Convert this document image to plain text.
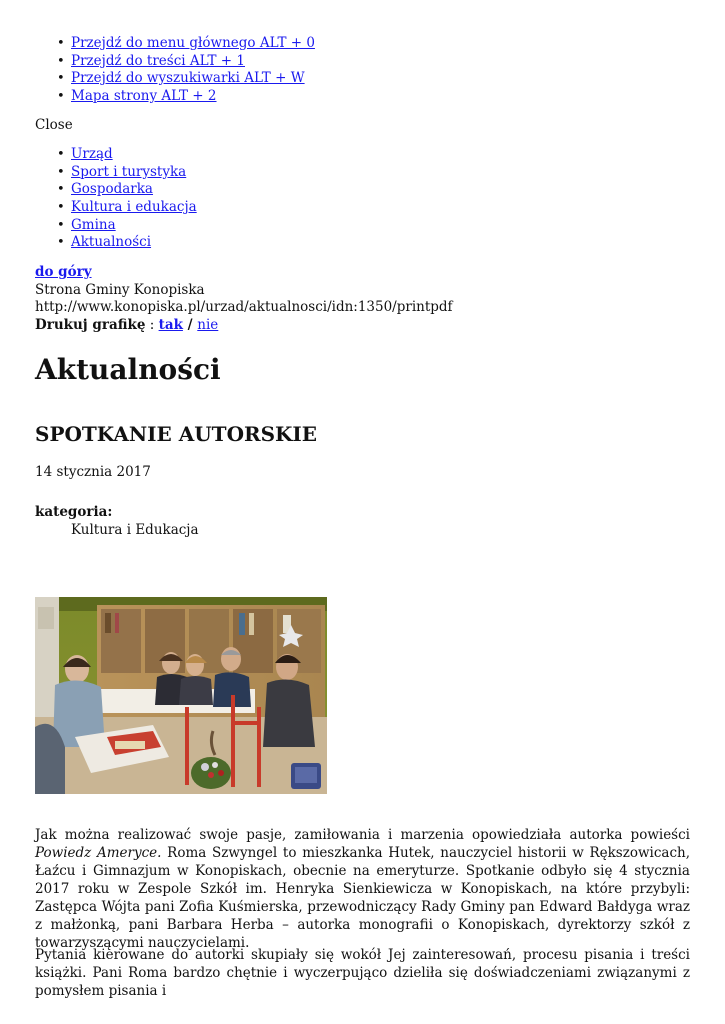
• Przejdź do menu głównego ALT + 0
• Przejdź do treści ALT + 1
• Przejdź do wyszukiwarki ALT + W
• Mapa strony ALT + 2
Close
• Urząd
• Sport i turystyka
• Gospodarka
• Kultura i edukacja
• Gmina
• Aktualności
do góry
Strona Gminy Konopiska
http://www.konopiska.pl/urzad/aktualnosci/idn:1350/printpdf
Drukuj grafikę : tak / nie
Aktualności
SPOTKANIE AUTORSKIE
14 stycznia 2017
kategoria:
Kultura i Edukacja

Jak można realizować swoje pasje, zamiłowania i marzenia opowiedziała autorka powieści Powiedz Ameryce. Roma Szwyngel to mieszkanka Hutek, nauczyciel historii w Rększowicach, Łaźcu i Gimnazjum w Konopiskach, obecnie na emeryturze. Spotkanie odbyło się 4 stycznia 2017 roku w Zespole Szkół im. Henryka Sienkiewicza w Konopiskach, na które przybyli: Zastępca Wójta pani Zofia Kuśmierska, przewodniczący Rady Gminy pan Edward Bałdyga wraz z małżonką, pani Barbara Herba – autorka monografii o Konopiskach, dyrektorzy szkół z towarzyszącymi nauczycielami.

Pytania kierowane do autorki skupiały się wokół Jej zainteresowań, procesu pisania i treści książki. Pani Roma bardzo chętnie i wyczerpująco dzieliła się doświadczeniami związanymi z pomysłem pisania i
